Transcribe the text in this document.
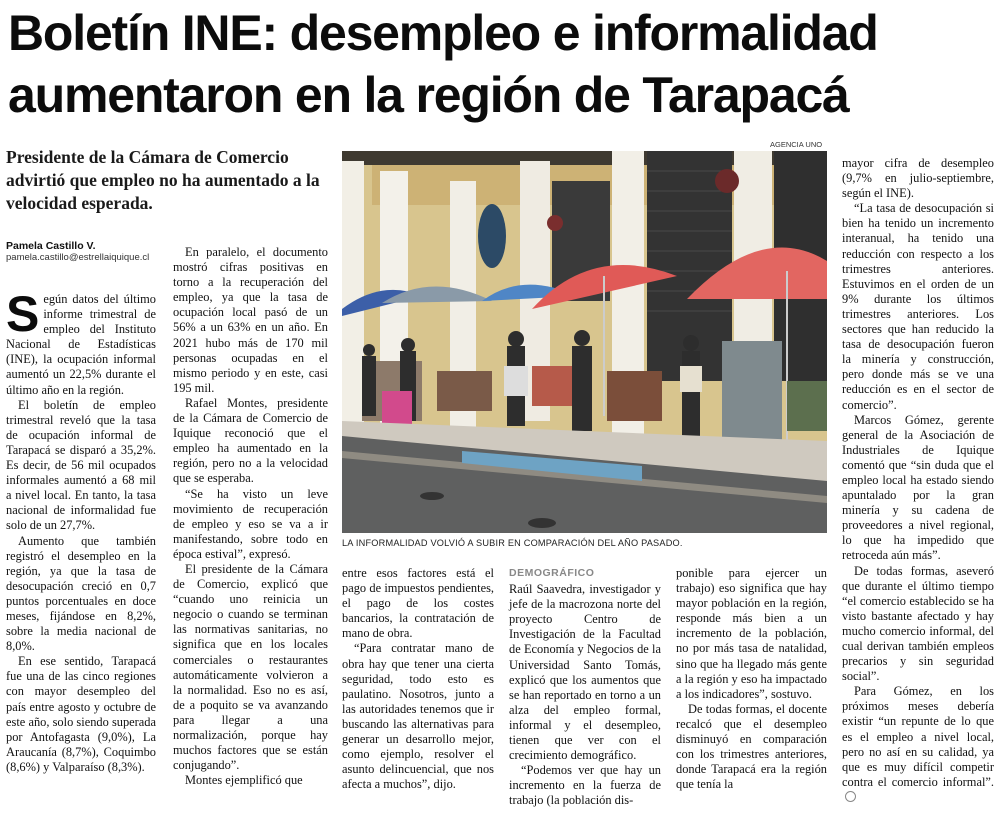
Boletín INE: desempleo e informalidad
aumentaron en la región de Tarapacá
Presidente de la Cámara de Comercio advirtió que empleo no ha aumentado a la velocidad esperada.
Pamela Castillo V.
pamela.castillo@estrellaiquique.cl

Según datos del último informe trimestral de empleo del Instituto Nacional de Estadísticas (INE), la ocupación informal aumentó un 22,5% durante el último año en la región.

El boletín de empleo trimestral reveló que la tasa de ocupación informal de Tarapacá se disparó a 35,2%. Es decir, de 56 mil ocupados informales aumentó a 68 mil a nivel local. En tanto, la tasa nacional de informalidad fue solo de un 27,7%.

Aumento que también registró el desempleo en la región, ya que la tasa de desocupación creció en 0,7 puntos porcentuales en doce meses, fijándose en 8,2%, sobre la media nacional de 8,0%.

En ese sentido, Tarapacá fue una de las cinco regiones con mayor desempleo del país entre agosto y octubre de este año, solo siendo superada por Antofagasta (9,0%), La Araucanía (8,7%), Coquimbo (8,6%) y Valparaíso (8,3%).

En paralelo, el documento mostró cifras positivas en torno a la recuperación del empleo, ya que la tasa de ocupación local pasó de un 56% a un 63% en un año. En 2021 hubo más de 170 mil personas ocupadas en el mismo periodo y en este, casi 195 mil.

Rafael Montes, presidente de la Cámara de Comercio de Iquique reconoció que el empleo ha aumentado en la región, pero no a la velocidad que se esperaba.

“Se ha visto un leve movimiento de recuperación de empleo y eso se va a ir manifestando, sobre todo en época estival”, expresó.

El presidente de la Cámara de Comercio, explicó que “cuando uno reinicia un negocio o cuando se terminan las normativas sanitarias, no significa que en los locales comerciales o restaurantes automáticamente volvieron a la normalidad. Eso no es así, de a poquito se va avanzando para llegar a una normalización, porque hay muchos factores que se están conjugando”.

Montes ejemplificó que

AGENCIA UNO
LA INFORMALIDAD VOLVIÓ A SUBIR EN COMPARACIÓN DEL AÑO PASADO.

entre esos factores está el pago de impuestos pendientes, el pago de los costes bancarios, la contratación de mano de obra.

“Para contratar mano de obra hay que tener una cierta seguridad, todo esto es paulatino. Nosotros, junto a las autoridades tenemos que ir buscando las alternativas para generar un desarrollo mejor, como ejemplo, resolver el asunto delincuencial, que nos afecta a muchos”, dijo.

DEMOGRÁFICO

Raúl Saavedra, investigador y jefe de la macrozona norte del proyecto Centro de Investigación de la Facultad de Economía y Negocios de la Universidad Santo Tomás, explicó que los aumentos que se han reportado en torno a un alza del empleo formal, informal y el desempleo, tienen que ver con el crecimiento demográfico.

“Podemos ver que hay un incremento en la fuerza de trabajo (la población dis-

ponible para ejercer un trabajo) eso significa que hay mayor población en la región, responde más bien a un incremento de la población, no por más tasa de natalidad, sino que ha llegado más gente a la región y eso ha impactado a los indicadores”, sostuvo.

De todas formas, el docente recalcó que el desempleo disminuyó en comparación con los trimestres anteriores, donde Tarapacá era la región que tenía la

mayor cifra de desempleo (9,7% en julio-septiembre, según el INE).

“La tasa de desocupación si bien ha tenido un incremento interanual, ha tenido una reducción con respecto a los trimestres anteriores. Estuvimos en el orden de un 9% durante los últimos trimestres anteriores. Los sectores que han reducido la tasa de desocupación fueron la minería y construcción, pero donde más se ve una reducción es en el sector de comercio”.

Marcos Gómez, gerente general de la Asociación de Industriales de Iquique comentó que “sin duda que el empleo local ha estado siendo apuntalado por la gran minería y su cadena de proveedores a nivel regional, lo que ha impedido que retroceda aún más”.

De todas formas, aseveró que durante el último tiempo “el comercio establecido se ha visto bastante afectado y hay mucho comercio informal, del cual derivan también empleos precarios y sin seguridad social”.

Para Gómez, en los próximos meses debería existir “un repunte de lo que es el empleo a nivel local, pero no así en su calidad, ya que es muy difícil competir contra el comercio informal”.
